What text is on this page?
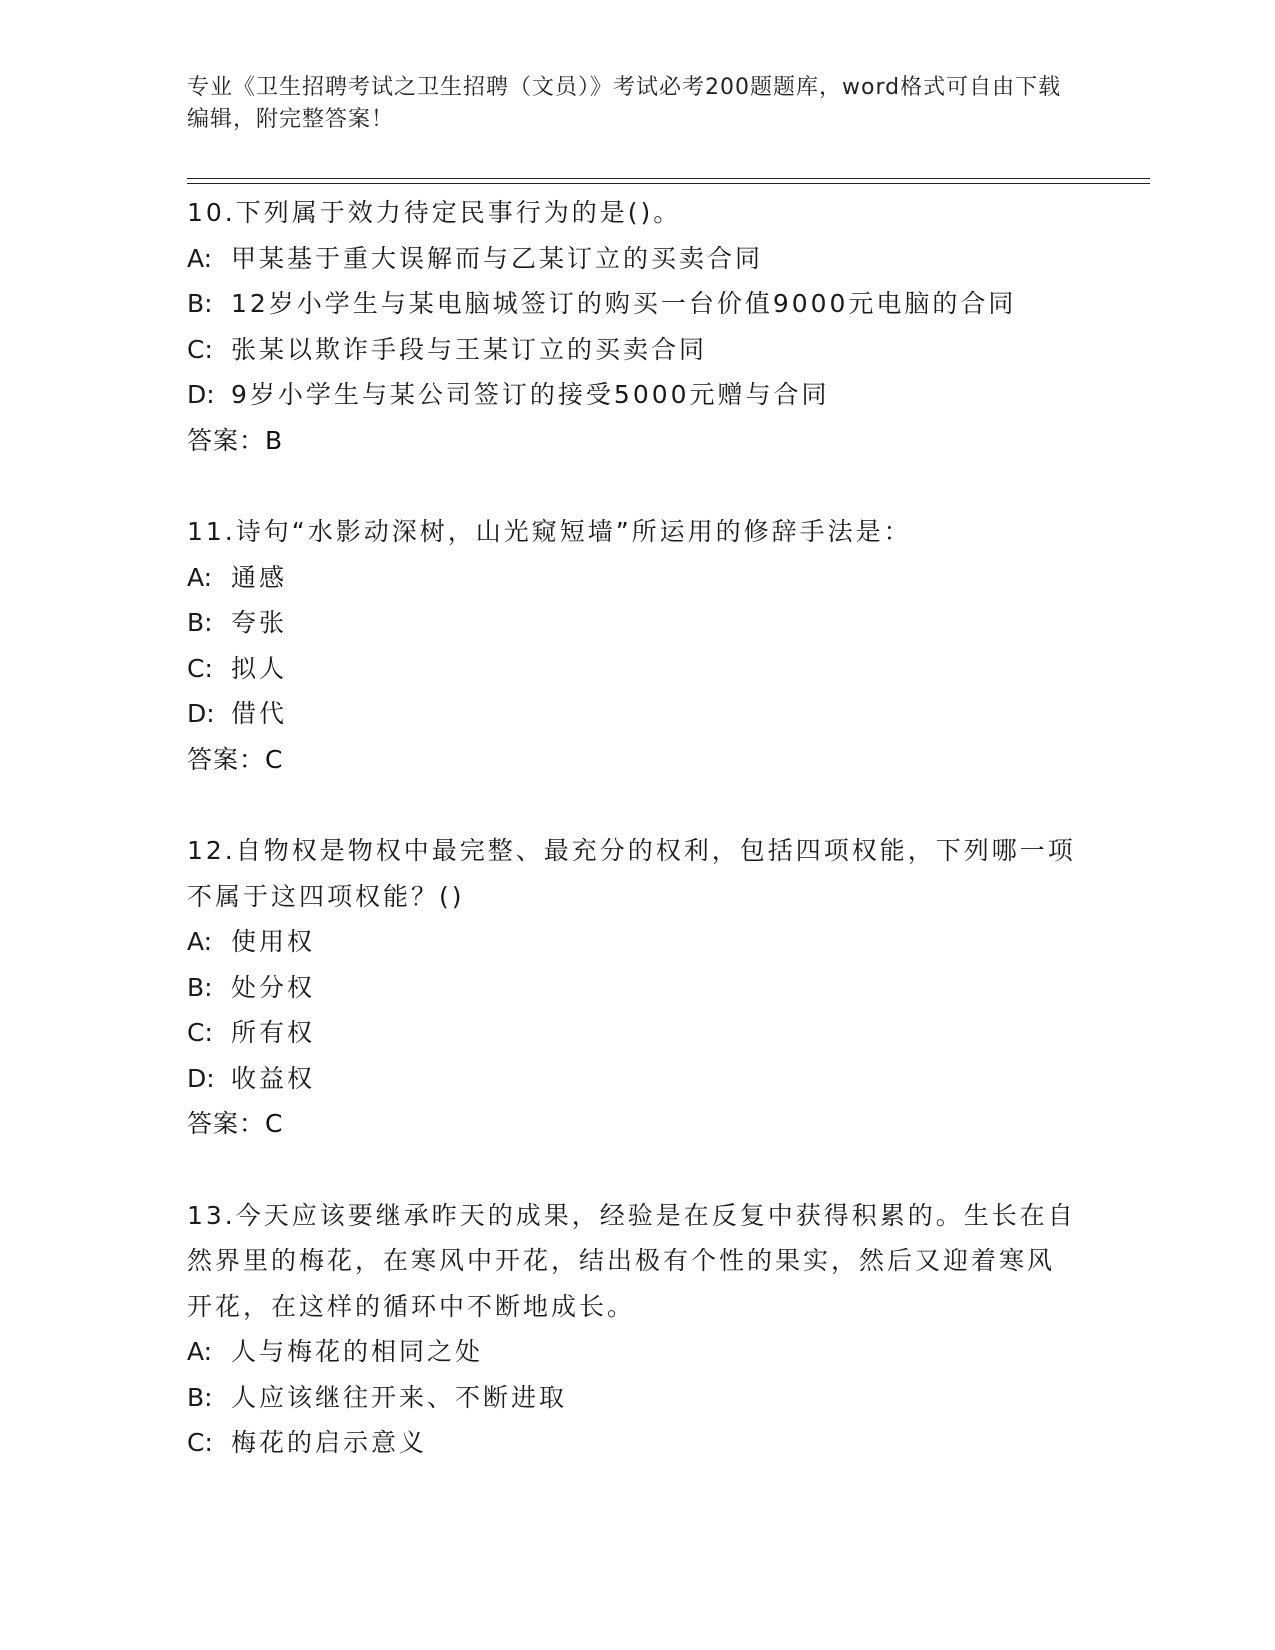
专业《卫生招聘考试之卫生招聘（文员）》考试必考200题题库，word格式可自由下载编辑，附完整答案！
10.下列属于效力待定民事行为的是()。
A: 甲某基于重大误解而与乙某订立的买卖合同
B: 12岁小学生与某电脑城签订的购买一台价值9000元电脑的合同
C: 张某以欺诈手段与王某订立的买卖合同
D: 9岁小学生与某公司签订的接受5000元赠与合同
答案：B
11.诗句“水影动深树，山光窥短墙”所运用的修辞手法是：
A: 通感
B: 夸张
C: 拟人
D: 借代
答案：C
12.自物权是物权中最完整、最充分的权利，包括四项权能，下列哪一项不属于这四项权能？()
A: 使用权
B: 处分权
C: 所有权
D: 收益权
答案：C
13.今天应该要继承昨天的成果，经验是在反复中获得积累的。生长在自然界里的梅花，在寒风中开花，结出极有个性的果实，然后又迎着寒风开花，在这样的循环中不断地成长。
A: 人与梅花的相同之处
B: 人应该继往开来、不断进取
C: 梅花的启示意义
